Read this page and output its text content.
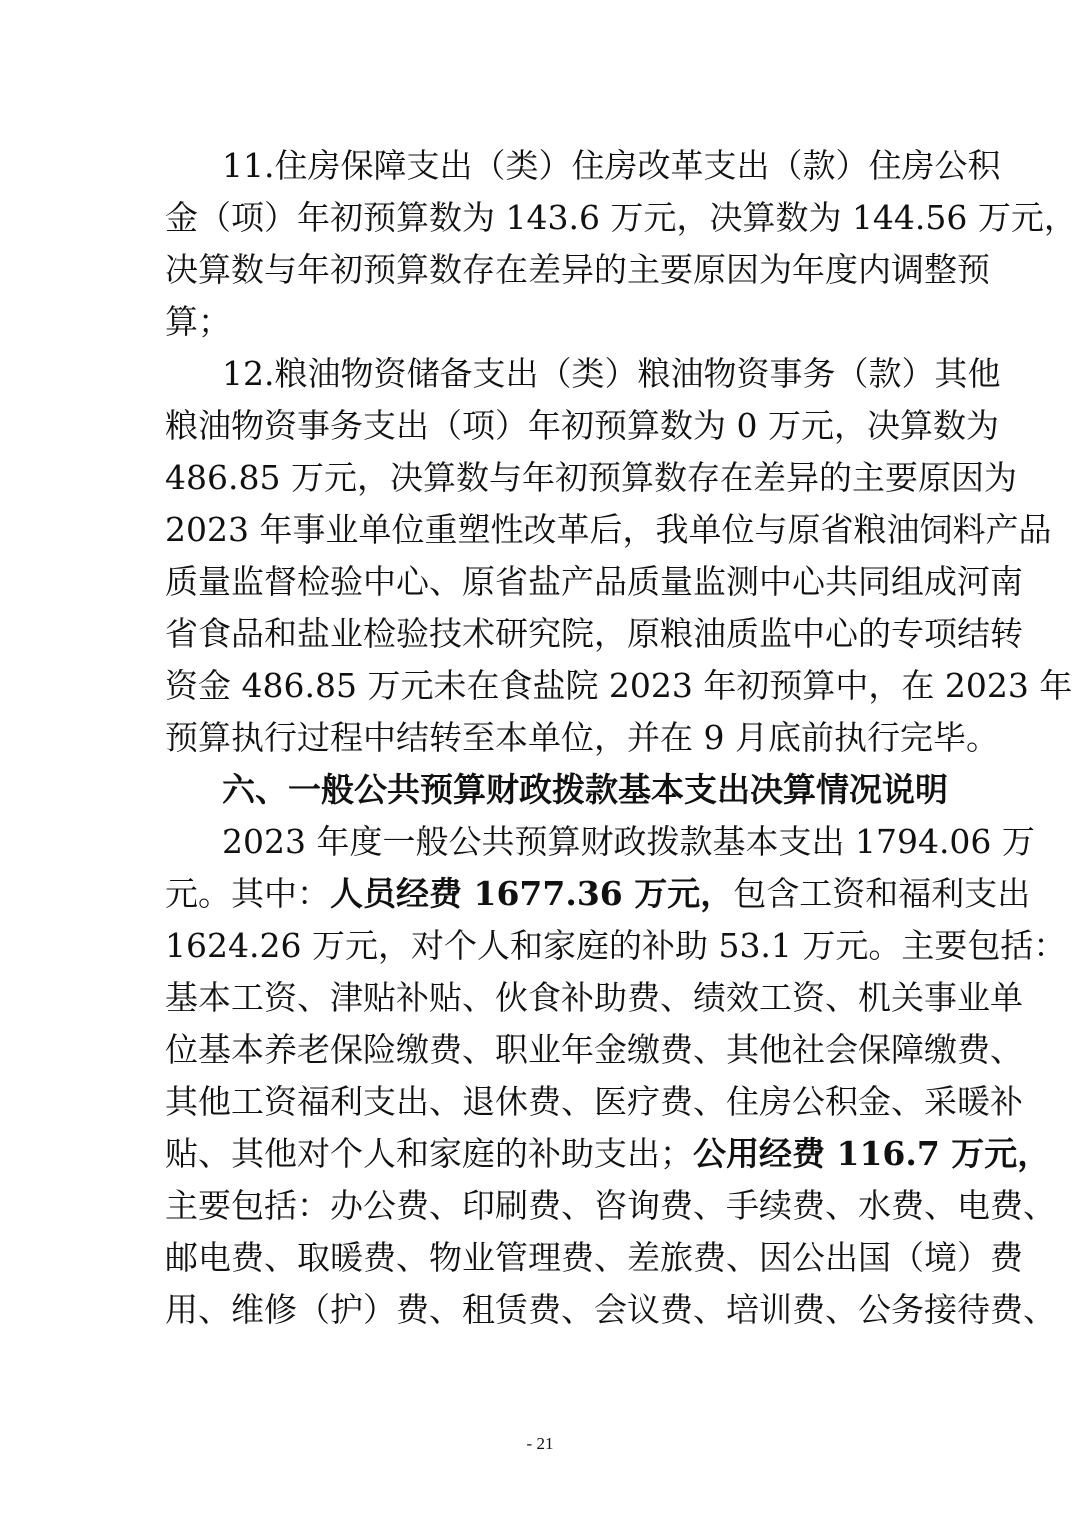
11.住房保障支出（类）住房改革支出（款）住房公积
金（项）年初预算数为 143.6 万元，决算数为 144.56 万元，
决算数与年初预算数存在差异的主要原因为年度内调整预
算；
12.粮油物资储备支出（类）粮油物资事务（款）其他
粮油物资事务支出（项）年初预算数为 0 万元，决算数为
486.85 万元，决算数与年初预算数存在差异的主要原因为
2023 年事业单位重塑性改革后，我单位与原省粮油饲料产品
质量监督检验中心、原省盐产品质量监测中心共同组成河南
省食品和盐业检验技术研究院，原粮油质监中心的专项结转
资金 486.85 万元未在食盐院 2023 年初预算中，在 2023 年
预算执行过程中结转至本单位，并在 9 月底前执行完毕。
六、一般公共预算财政拨款基本支出决算情况说明
2023 年度一般公共预算财政拨款基本支出 1794.06 万
元。其中：人员经费 1677.36 万元，包含工资和福利支出
1624.26 万元，对个人和家庭的补助 53.1 万元。主要包括：
基本工资、津贴补贴、伙食补助费、绩效工资、机关事业单
位基本养老保险缴费、职业年金缴费、其他社会保障缴费、
其他工资福利支出、退休费、医疗费、住房公积金、采暖补
贴、其他对个人和家庭的补助支出；公用经费 116.7 万元，
主要包括：办公费、印刷费、咨询费、手续费、水费、电费、
邮电费、取暖费、物业管理费、差旅费、因公出国（境）费
用、维修（护）费、租赁费、会议费、培训费、公务接待费、
- 21
